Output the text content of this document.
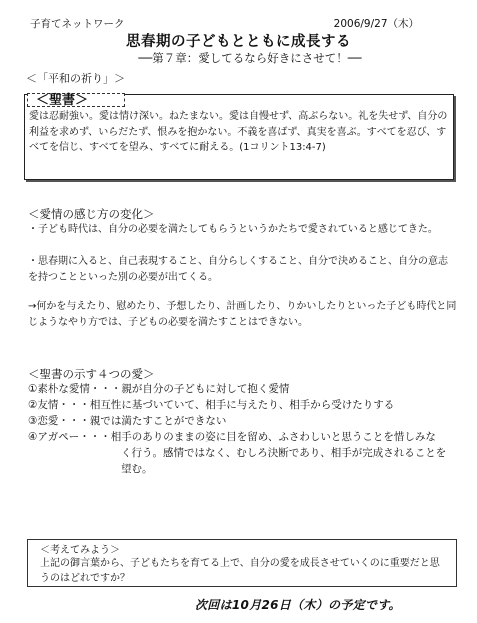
子育てネットワーク	2006/9/27（木）
思春期の子どもとともに成長する
──第７章：愛してるなら好きにさせて！──
＜「平和の祈り」＞
＜聖書＞
愛は忍耐強い。愛は情け深い。ねたまない。愛は自慢せず、高ぶらない。礼を失せず、自分の利益を求めず、いらだたず、恨みを抱かない。不義を喜ばず、真実を喜ぶ。すべてを忍び、すべてを信じ、すべてを望み、すべてに耐える。(1コリント13:4-7)
＜愛情の感じ方の変化＞
・子ども時代は、自分の必要を満たしてもらうというかたちで愛されていると感じてきた。
・思春期に入ると、自己表現すること、自分らしくすること、自分で決めること、自分の意志を持つことといった別の必要が出てくる。
→何かを与えたり、慰めたり、予想したり、計画したり、りかいしたりといった子ども時代と同じようなやり方では、子どもの必要を満たすことはできない。
＜聖書の示す４つの愛＞
①素朴な愛情・・・親が自分の子どもに対して抱く愛情
②友情・・・相互性に基づいていて、相手に与えたり、相手から受けたりする
③恋愛・・・親では満たすことができない
④アガペー・・・相手のありのままの姿に目を留め、ふさわしいと思うことを惜しみな
く行う。感情ではなく、むしろ決断であり、相手が完成されることを望む。
＜考えてみよう＞
上記の御言葉から、子どもたちを育てる上で、自分の愛を成長させていくのに重要だと思うのはどれですか？
次回は10月26日（木）の予定です。
